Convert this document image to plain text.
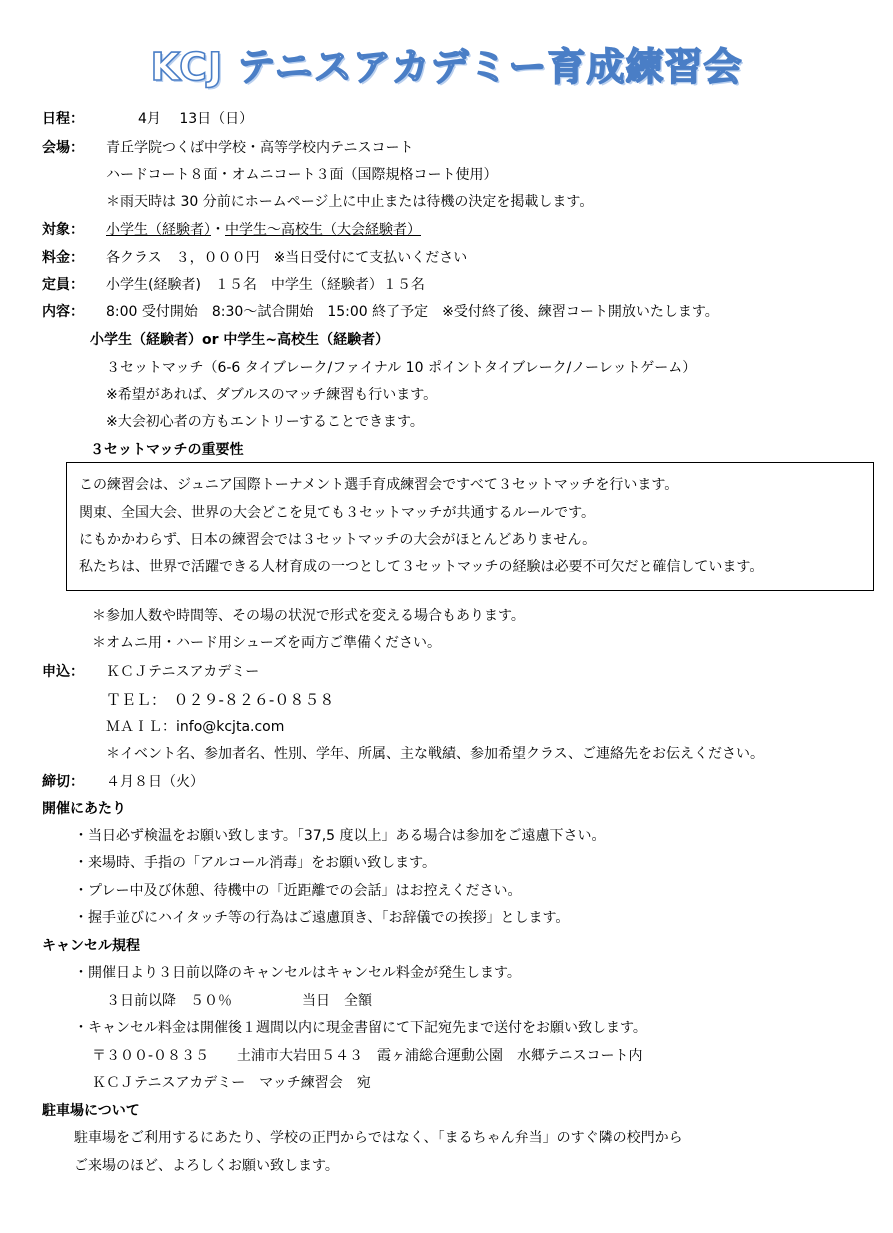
KCJ テニスアカデミー育成練習会
日程：	4月　 13日（日）
会場： 青丘学院つくば中学校・高等学校内テニスコート
ハードコート８面・オムニコート３面（国際規格コート使用）
＊雨天時は 30 分前にホームページ上に中止または待機の決定を掲載します。
対象： 小学生（経験者）・中学生～高校生（大会経験者）
料金： 各クラス　３，０００円　※当日受付にて支払いください
定員： 小学生(経験者)　１５名　中学生（経験者）１５名
内容： 8:00 受付開始　8:30～試合開始　15:00 終了予定　※受付終了後、練習コート開放いたします。
小学生（経験者）or 中学生~高校生（経験者）
３セットマッチ（6-6 タイブレーク/ファイナル 10 ポイントタイブレーク/ノーレットゲーム）
※希望があれば、ダブルスのマッチ練習も行います。
※大会初心者の方もエントリーすることできます。
３セットマッチの重要性
この練習会は、ジュニア国際トーナメント選手育成練習会ですべて３セットマッチを行います。
関東、全国大会、世界の大会どこを見ても３セットマッチが共通するルールです。
にもかかわらず、日本の練習会では３セットマッチの大会がほとんどありません。
私たちは、世界で活躍できる人材育成の一つとして３セットマッチの経験は必要不可欠だと確信しています。
＊参加人数や時間等、その場の状況で形式を変える場合もあります。
＊オムニ用・ハード用シューズを両方ご準備ください。
申込： ＫＣＪテニスアカデミー
ＴＥＬ：　０２９-８２６-０８５８
ＭＡＩＬ：info@kcjta.com
＊イベント名、参加者名、性別、学年、所属、主な戦績、参加希望クラス、ご連絡先をお伝えください。
締切： ４月８日（火）
開催にあたり
・当日必ず検温をお願い致します。「37,5 度以上」ある場合は参加をご遠慮下さい。
・来場時、手指の「アルコール消毒」をお願い致します。
・プレー中及び休憩、待機中の「近距離での会話」はお控えください。
・握手並びにハイタッチ等の行為はご遠慮頂き、「お辞儀での挨拶」とします。
キャンセル規程
・開催日より３日前以降のキャンセルはキャンセル料金が発生します。
３日前以降　５０％　　　　　当日　全額
・キャンセル料金は開催後１週間以内に現金書留にて下記宛先まで送付をお願い致します。
〒３００-０８３５　　土浦市大岩田５４３　霞ヶ浦総合運動公園　水郷テニスコート内
ＫＣＪテニスアカデミー　マッチ練習会　宛
駐車場について
駐車場をご利用するにあたり、学校の正門からではなく、「まるちゃん弁当」のすぐ隣の校門から
ご来場のほど、よろしくお願い致します。
